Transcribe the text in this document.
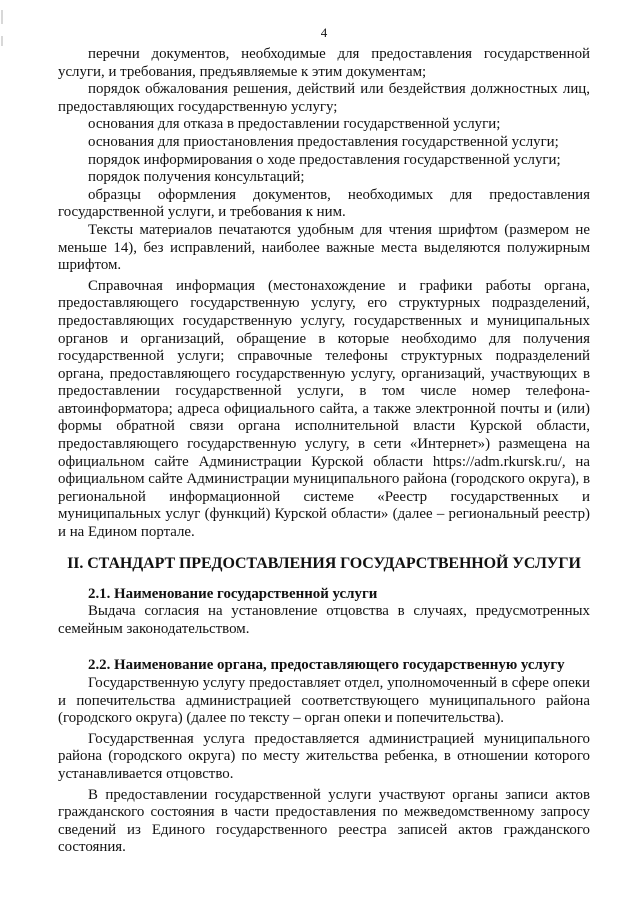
4

перечни документов, необходимые для предоставления государственной услуги, и требования, предъявляемые к этим документам;

порядок обжалования решения, действий или бездействия должностных лиц, предоставляющих государственную услугу;

основания для отказа в предоставлении государственной услуги;

основания для приостановления предоставления государственной услуги;

порядок информирования о ходе предоставления государственной услуги;

порядок получения консультаций;

образцы оформления документов, необходимых для предоставления государственной услуги, и требования к ним.

Тексты материалов печатаются удобным для чтения шрифтом (размером не меньше 14), без исправлений, наиболее важные места выделяются полужирным шрифтом.

Справочная информация (местонахождение и графики работы органа, предоставляющего государственную услугу, его структурных подразделений, предоставляющих государственную услугу, государственных и муниципальных органов и организаций, обращение в которые необходимо для получения государственной услуги; справочные телефоны структурных подразделений органа, предоставляющего государственную услугу, организаций, участвующих в предоставлении государственной услуги, в том числе номер телефона-автоинформатора; адреса официального сайта, а также электронной почты и (или) формы обратной связи органа исполнительной власти Курской области, предоставляющего государственную услугу, в сети «Интернет») размещена на официальном сайте Администрации Курской области https://adm.rkursk.ru/, на официальном сайте Администрации муниципального района (городского округа), в региональной информационной системе «Реестр государственных и муниципальных услуг (функций) Курской области» (далее – региональный реестр) и на Едином портале.

II. СТАНДАРТ ПРЕДОСТАВЛЕНИЯ ГОСУДАРСТВЕННОЙ УСЛУГИ

2.1. Наименование государственной услуги

Выдача согласия на установление отцовства в случаях, предусмотренных семейным законодательством.

2.2. Наименование органа, предоставляющего государственную услугу

Государственную услугу предоставляет отдел, уполномоченный в сфере опеки и попечительства администрацией соответствующего муниципального района (городского округа) (далее по тексту – орган опеки и попечительства).

Государственная услуга предоставляется администрацией муниципального района (городского округа) по месту жительства ребенка, в отношении которого устанавливается отцовство.

В предоставлении государственной услуги участвуют органы записи актов гражданского состояния в части предоставления по межведомственному запросу сведений из Единого государственного реестра записей актов гражданского состояния.
